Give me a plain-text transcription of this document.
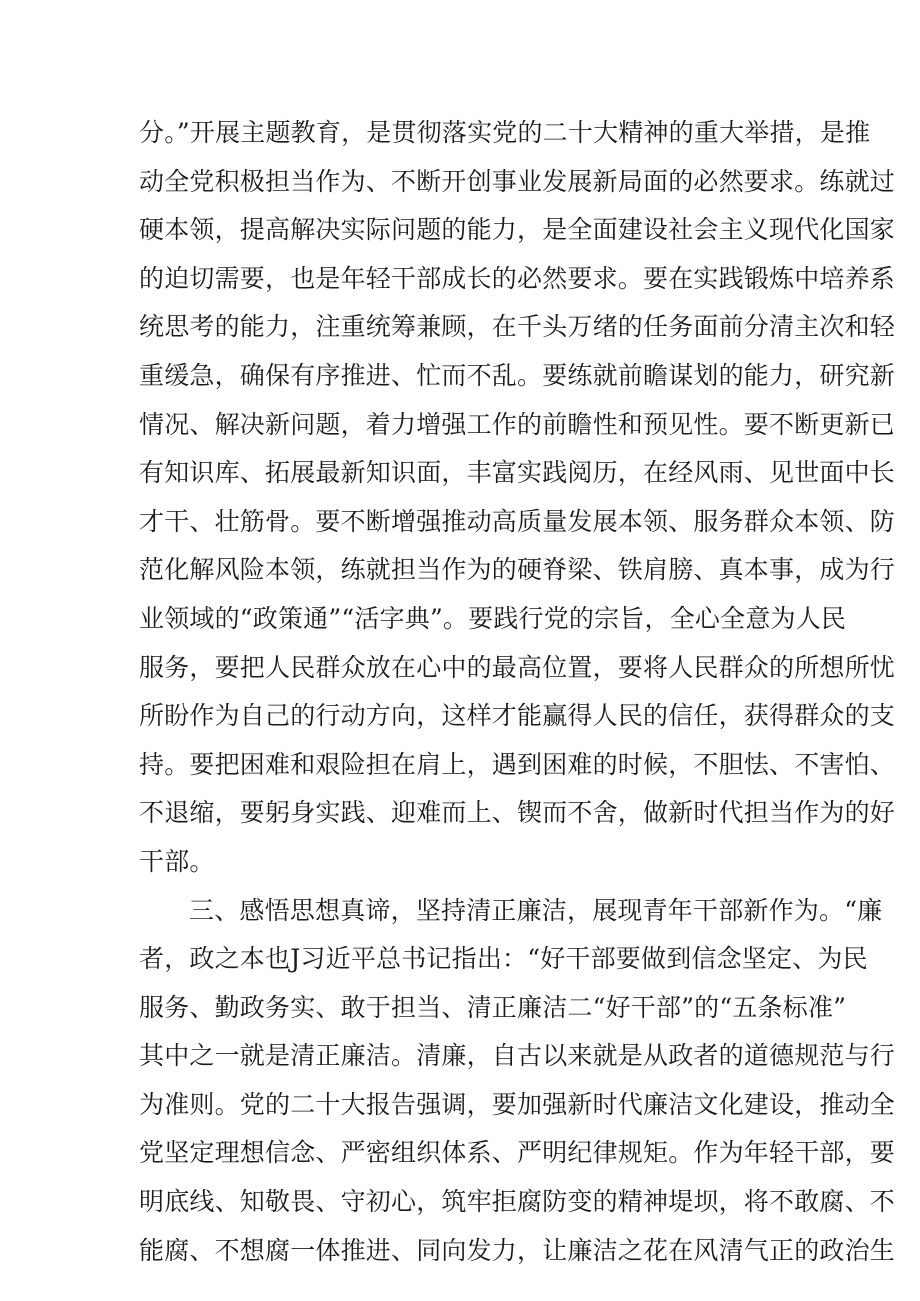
分。”开展主题教育，是贯彻落实党的二十大精神的重大举措，是推
动全党积极担当作为、不断开创事业发展新局面的必然要求。练就过
硬本领，提高解决实际问题的能力，是全面建设社会主义现代化国家
的迫切需要，也是年轻干部成长的必然要求。要在实践锻炼中培养系
统思考的能力，注重统筹兼顾，在千头万绪的任务面前分清主次和轻
重缓急，确保有序推进、忙而不乱。要练就前瞻谋划的能力，研究新
情况、解决新问题，着力增强工作的前瞻性和预见性。要不断更新已
有知识库、拓展最新知识面，丰富实践阅历，在经风雨、见世面中长
才干、壮筋骨。要不断增强推动高质量发展本领、服务群众本领、防
范化解风险本领，练就担当作为的硬脊梁、铁肩膀、真本事，成为行
业领域的“政策通”“活字典”。要践行党的宗旨，全心全意为人民
服务，要把人民群众放在心中的最高位置，要将人民群众的所想所忧
所盼作为自己的行动方向，这样才能赢得人民的信任，获得群众的支
持。要把困难和艰险担在肩上，遇到困难的时候，不胆怯、不害怕、
不退缩，要躬身实践、迎难而上、锲而不舍，做新时代担当作为的好
干部。
三、感悟思想真谛，坚持清正廉洁，展现青年干部新作为。“廉
者，政之本也J习近平总书记指出：“好干部要做到信念坚定、为民
服务、勤政务实、敢于担当、清正廉洁二“好干部”的“五条标准”
其中之一就是清正廉洁。清廉，自古以来就是从政者的道德规范与行
为准则。党的二十大报告强调，要加强新时代廉洁文化建设，推动全
党坚定理想信念、严密组织体系、严明纪律规矩。作为年轻干部，要
明底线、知敬畏、守初心，筑牢拒腐防变的精神堤坝，将不敢腐、不
能腐、不想腐一体推进、同向发力，让廉洁之花在风清气正的政治生
